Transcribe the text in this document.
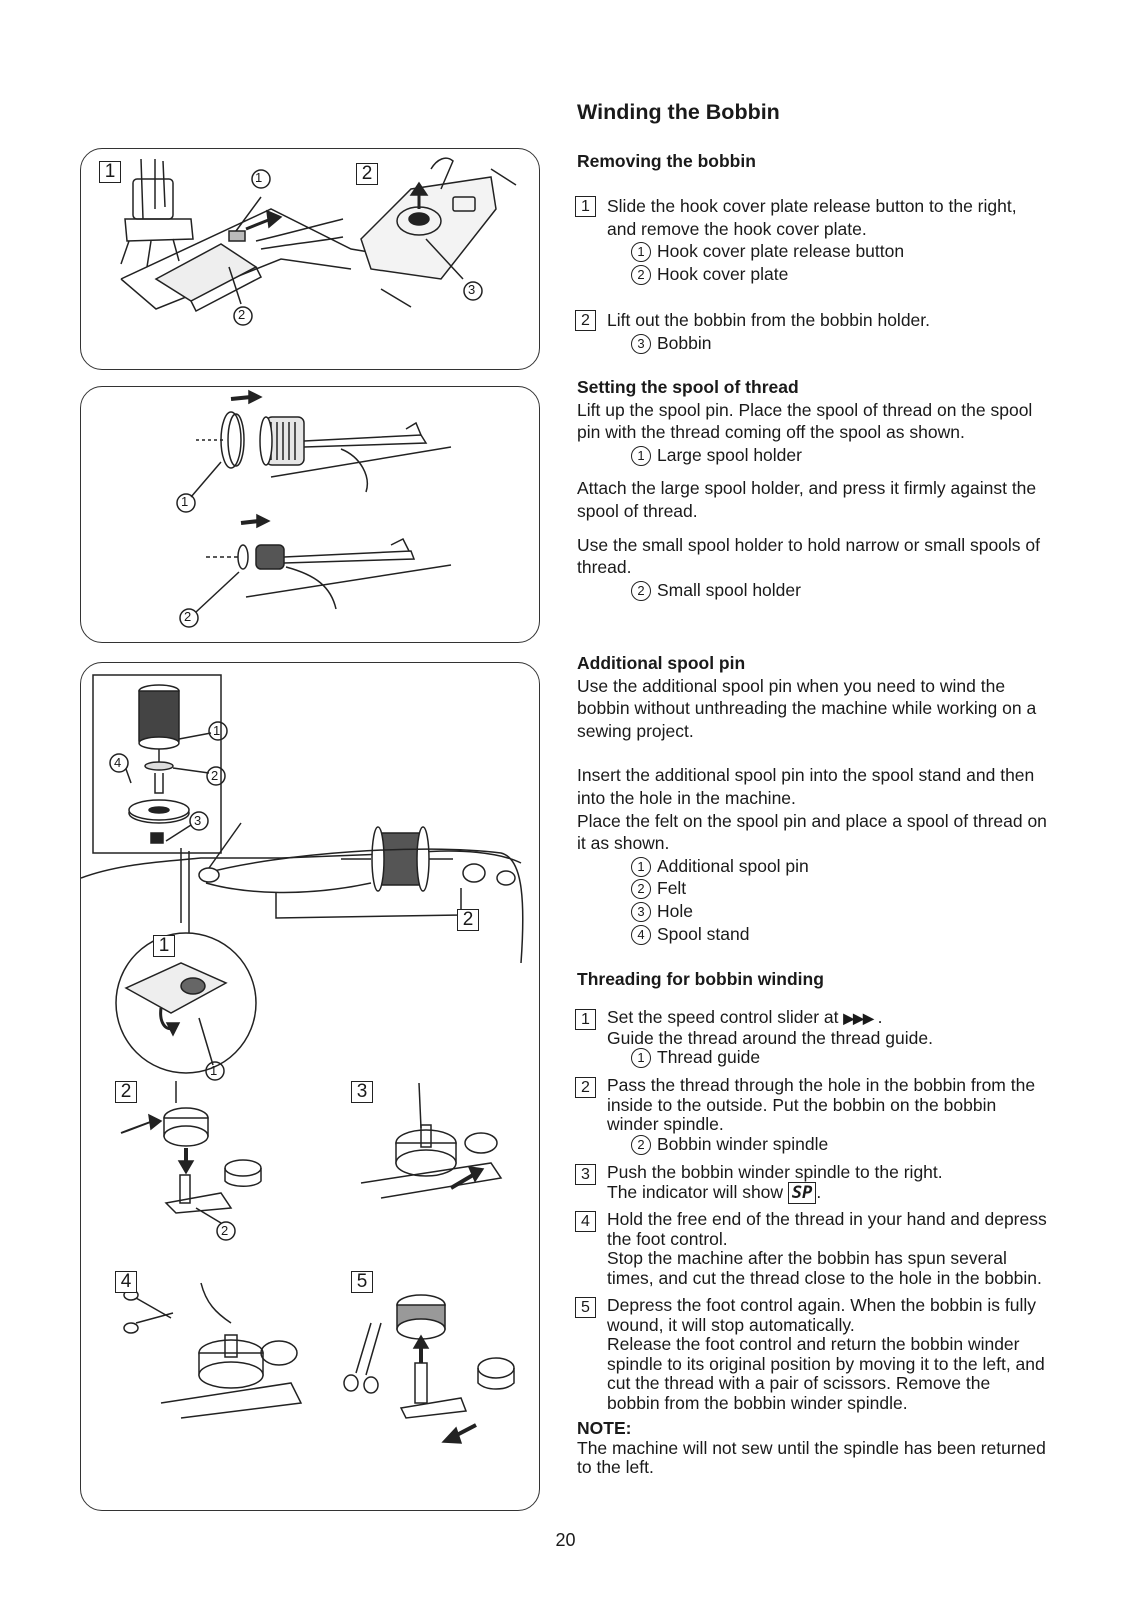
1	2
1
2
3
1
2
1
2
3
4
2
1
1
2	3
2
4	5
Winding the Bobbin
Removing the bobbin
1 Slide the hook cover plate release button to the right, and remove the hook cover plate.
1 Hook cover plate release button
2 Hook cover plate
2 Lift out the bobbin from the bobbin holder.
3 Bobbin
Setting the spool of thread
Lift up the spool pin. Place the spool of thread on the spool pin with the thread coming off the spool as shown.
1 Large spool holder
Attach the large spool holder, and press it firmly against the spool of thread.
Use the small spool holder to hold narrow or small spools of thread.
2 Small spool holder
Additional spool pin
Use the additional spool pin when you need to wind the bobbin without unthreading the machine while working on a sewing project.
Insert the additional spool pin into the spool stand and then into the hole in the machine.
Place the felt on the spool pin and place a spool of thread on it as shown.
1 Additional spool pin
2 Felt
3 Hole
4 Spool stand
Threading for bobbin winding
1 Set the speed control slider at ▶▶▶ .
Guide the thread around the thread guide.
1 Thread guide
2 Pass the thread through the hole in the bobbin from the inside to the outside. Put the bobbin on the bobbin winder spindle.
2 Bobbin winder spindle
3 Push the bobbin winder spindle to the right.
The indicator will show SP .
4 Hold the free end of the thread in your hand and depress the foot control.
Stop the machine after the bobbin has spun several times, and cut the thread close to the hole in the bobbin.
5 Depress the foot control again. When the bobbin is fully wound, it will stop automatically.
Release the foot control and return the bobbin winder spindle to its original position by moving it to the left, and cut the thread with a pair of scissors. Remove the bobbin from the bobbin winder spindle.
NOTE:
The machine will not sew until the spindle has been returned to the left.
20
